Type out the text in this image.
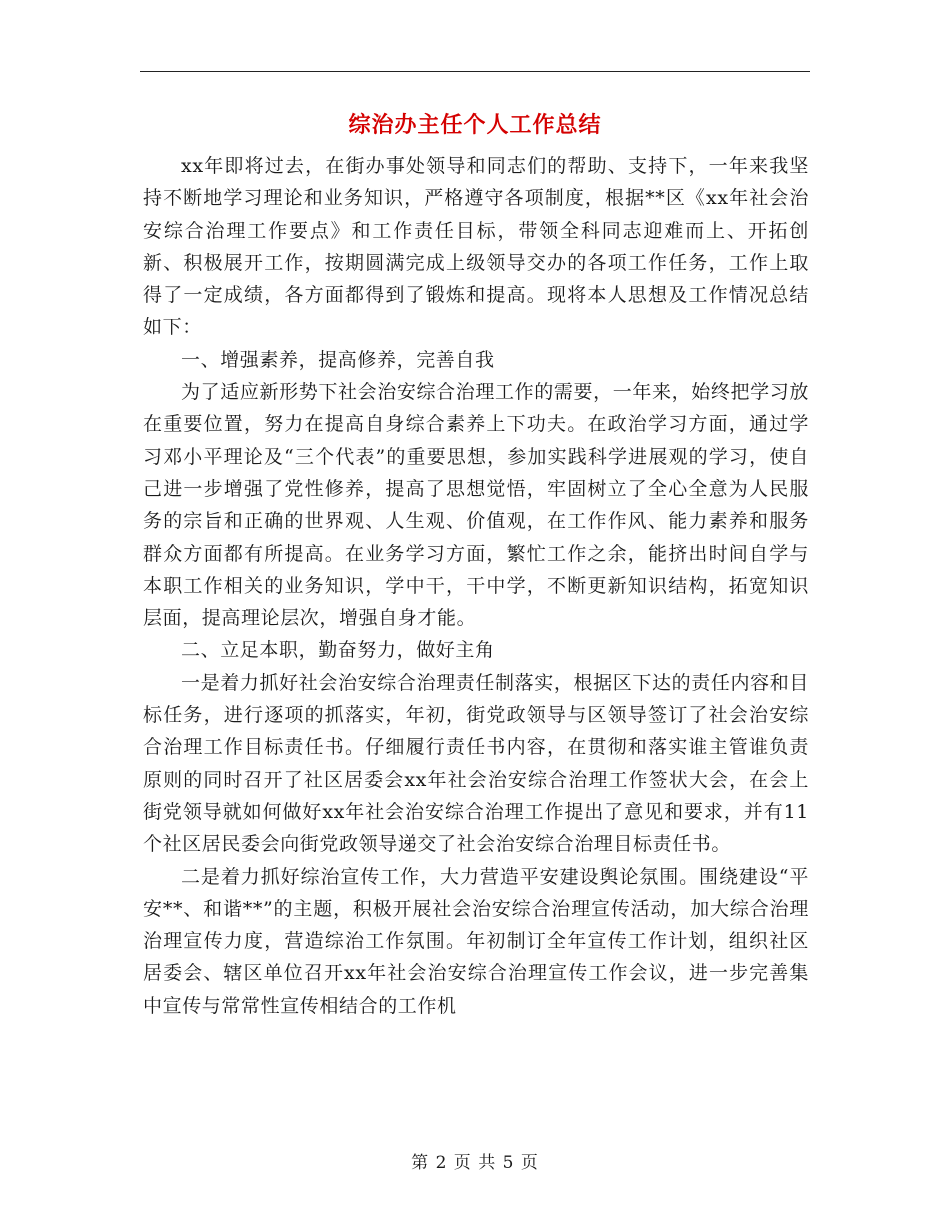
综治办主任个人工作总结

xx年即将过去，在街办事处领导和同志们的帮助、支持下，一年来我坚持不断地学习理论和业务知识，严格遵守各项制度，根据**区《xx年社会治安综合治理工作要点》和工作责任目标，带领全科同志迎难而上、开拓创新、积极展开工作，按期圆满完成上级领导交办的各项工作任务，工作上取得了一定成绩，各方面都得到了锻炼和提高。现将本人思想及工作情况总结如下：

一、增强素养，提高修养，完善自我

为了适应新形势下社会治安综合治理工作的需要，一年来，始终把学习放在重要位置，努力在提高自身综合素养上下功夫。在政治学习方面，通过学习邓小平理论及“三个代表”的重要思想，参加实践科学进展观的学习，使自己进一步增强了党性修养，提高了思想觉悟，牢固树立了全心全意为人民服务的宗旨和正确的世界观、人生观、价值观，在工作作风、能力素养和服务群众方面都有所提高。在业务学习方面，繁忙工作之余，能挤出时间自学与本职工作相关的业务知识，学中干，干中学，不断更新知识结构，拓宽知识层面，提高理论层次，增强自身才能。

二、立足本职，勤奋努力，做好主角

一是着力抓好社会治安综合治理责任制落实，根据区下达的责任内容和目标任务，进行逐项的抓落实，年初，街党政领导与区领导签订了社会治安综合治理工作目标责任书。仔细履行责任书内容，在贯彻和落实谁主管谁负责原则的同时召开了社区居委会xx年社会治安综合治理工作签状大会，在会上街党领导就如何做好xx年社会治安综合治理工作提出了意见和要求，并有11个社区居民委会向街党政领导递交了社会治安综合治理目标责任书。

二是着力抓好综治宣传工作，大力营造平安建设舆论氛围。围绕建设“平安**、和谐**”的主题，积极开展社会治安综合治理宣传活动，加大综合治理治理宣传力度，营造综治工作氛围。年初制订全年宣传工作计划，组织社区居委会、辖区单位召开xx年社会治安综合治理宣传工作会议，进一步完善集中宣传与常常性宣传相结合的工作机

第 2 页 共 5 页
